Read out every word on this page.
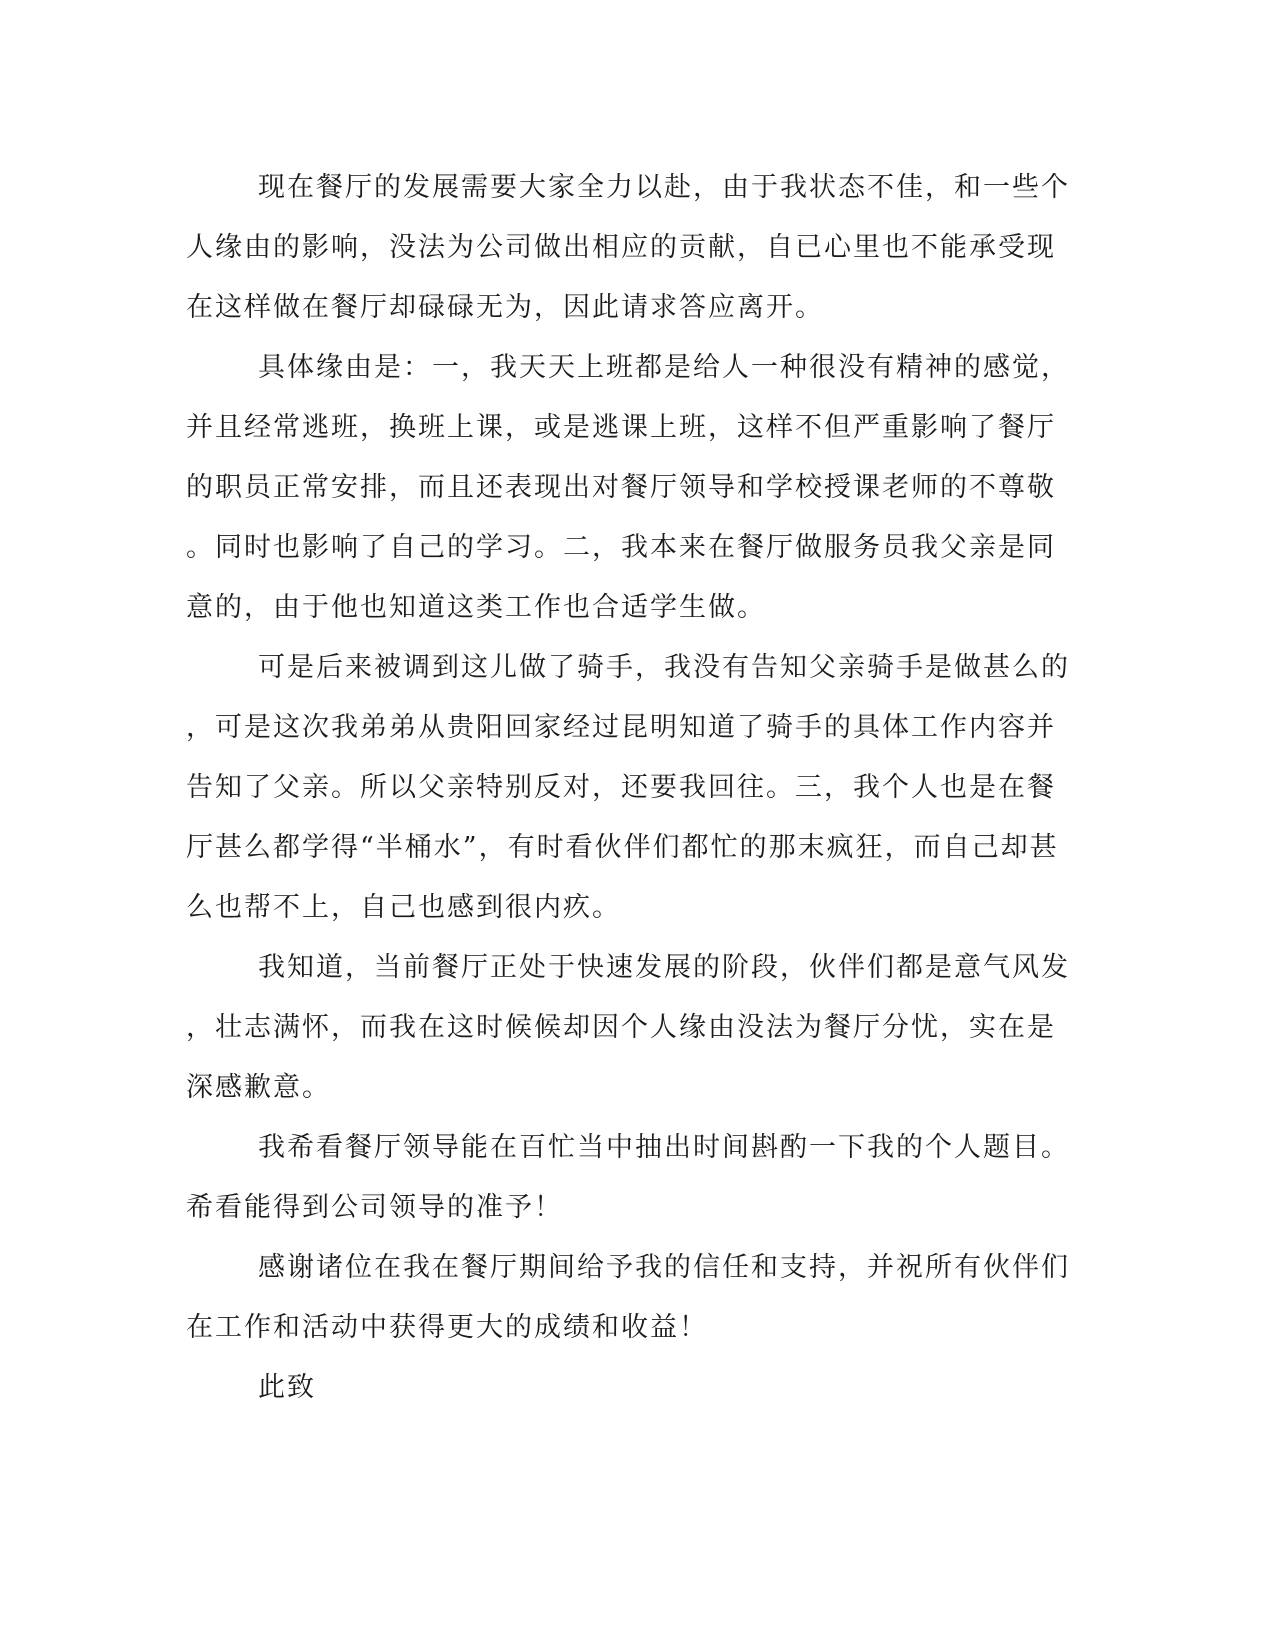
现在餐厅的发展需要大家全力以赴，由于我状态不佳，和一些个
人缘由的影响，没法为公司做出相应的贡献，自已心里也不能承受现
在这样做在餐厅却碌碌无为，因此请求答应离开。
具体缘由是：一，我天天上班都是给人一种很没有精神的感觉，
并且经常逃班，换班上课，或是逃课上班，这样不但严重影响了餐厅
的职员正常安排，而且还表现出对餐厅领导和学校授课老师的不尊敬
。同时也影响了自己的学习。二，我本来在餐厅做服务员我父亲是同
意的，由于他也知道这类工作也合适学生做。
可是后来被调到这儿做了骑手，我没有告知父亲骑手是做甚么的
，可是这次我弟弟从贵阳回家经过昆明知道了骑手的具体工作内容并
告知了父亲。所以父亲特别反对，还要我回往。三，我个人也是在餐
厅甚么都学得“半桶水”，有时看伙伴们都忙的那末疯狂，而自己却甚
么也帮不上，自己也感到很内疚。
我知道，当前餐厅正处于快速发展的阶段，伙伴们都是意气风发
，壮志满怀，而我在这时候候却因个人缘由没法为餐厅分忧，实在是
深感歉意。
我希看餐厅领导能在百忙当中抽出时间斟酌一下我的个人题目。
希看能得到公司领导的准予！
感谢诸位在我在餐厅期间给予我的信任和支持，并祝所有伙伴们
在工作和活动中获得更大的成绩和收益！
此致
